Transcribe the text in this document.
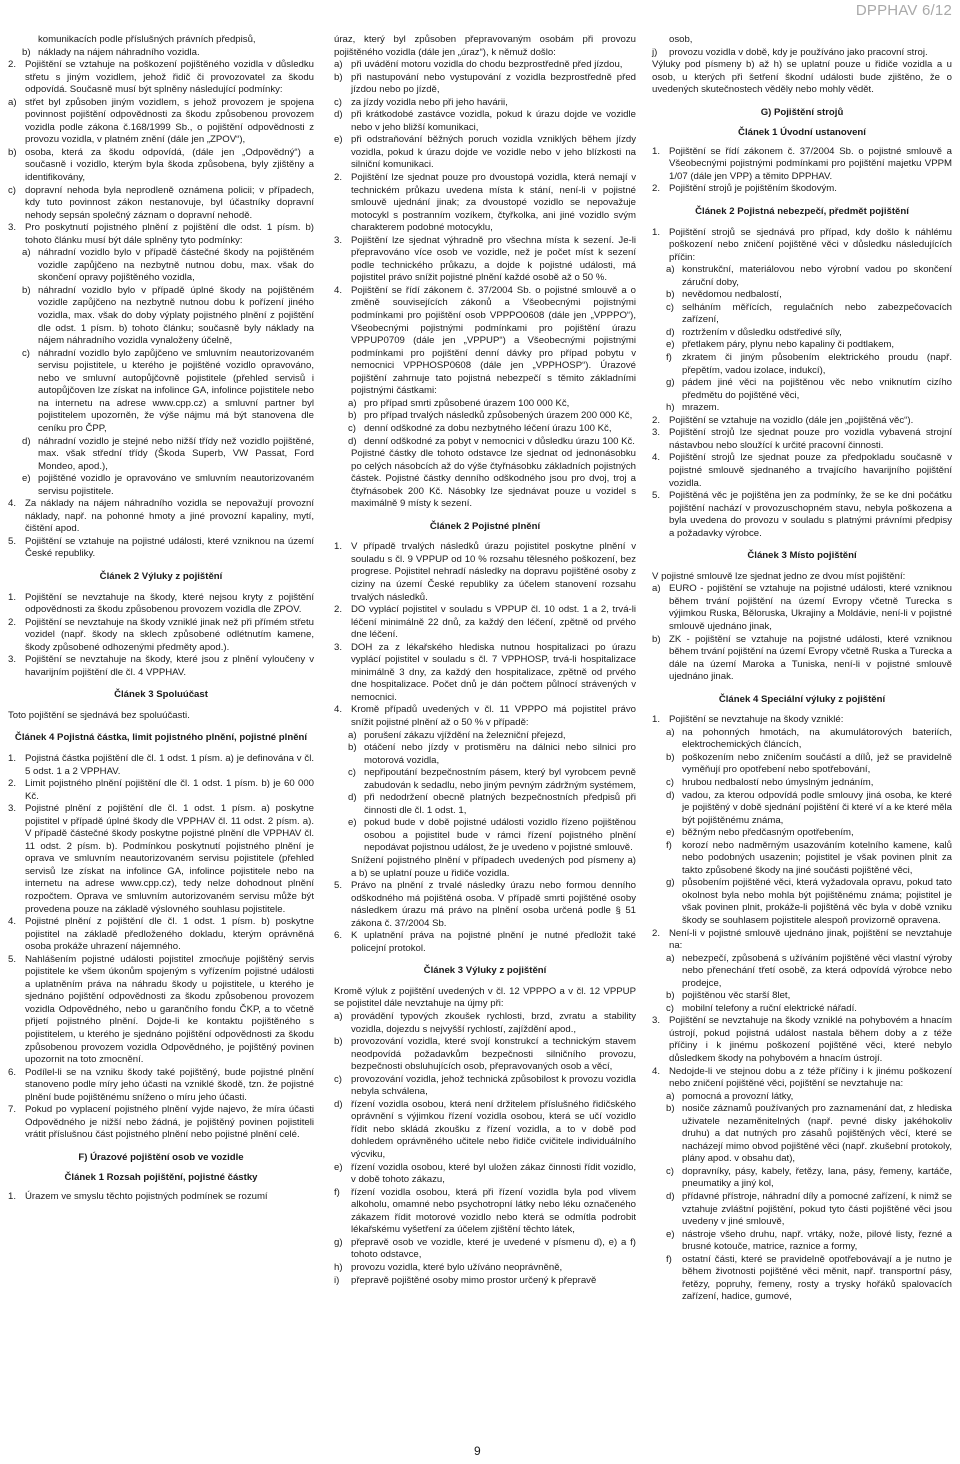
DPPHAV 6/12
komunikacích podle příslušných právních předpisů,
b) náklady na nájem náhradního vozidla.
2. Pojištění se vztahuje na poškození pojištěného vozidla v důsledku střetu s jiným vozidlem, jehož řidič či provozovatel za škodu odpovídá. Současně musí být splněny následující podmínky:
a) střet byl způsoben jiným vozidlem, s jehož provozem je spojena povinnost pojištění odpovědnosti za škodu způsobenou provozem vozidla podle zákona č.168/1999 Sb., o pojištění odpovědnosti z provozu vozidla, v platném znění (dále jen „ZPOV“),
b) osoba, která za škodu odpovídá, (dále jen „Odpovědný“) a současně i vozidlo, kterým byla škoda způsobena, byly zjištěny a identifikovány,
c) dopravní nehoda byla neprodleně oznámena policii; v případech, kdy tuto povinnost zákon nestanovuje, byl účastníky dopravní nehody sepsán společný záznam o dopravní nehodě.
3. Pro poskytnutí pojistného plnění z pojištění dle odst. 1 písm. b) tohoto článku musí být dále splněny tyto podmínky:
a) náhradní vozidlo bylo v případě částečné škody na pojištěném vozidle zapůjčeno na nezbytně nutnou dobu, max. však do skončení opravy pojištěného vozidla,
b) náhradní vozidlo bylo v případě úplné škody na pojištěném vozidle zapůjčeno na nezbytně nutnou dobu k pořízení jiného vozidla, max. však do doby výplaty pojistného plnění z pojištění dle odst. 1 písm. b) tohoto článku; současně byly náklady na nájem náhradního vozidla vynaloženy účelně,
c) náhradní vozidlo bylo zapůjčeno ve smluvním neautorizovaném servisu pojistitele, u kterého je pojištěné vozidlo opravováno, nebo ve smluvní autopůjčovně pojistitele (přehled servisů i autopůjčoven lze získat na infolince GA, infolince pojistitele nebo na internetu na adrese www.cpp.cz) a smluvní partner byl pojistitelem upozorněn, že výše nájmu má být stanovena dle ceníku pro ČPP,
d) náhradní vozidlo je stejné nebo nižší třídy než vozidlo pojištěné, max. však střední třídy (Škoda Superb, VW Passat, Ford Mondeo, apod.),
e) pojištěné vozidlo je opravováno ve smluvním neautorizovaném servisu pojistitele.
4. Za náklady na nájem náhradního vozidla se nepovažují provozní náklady, např. na pohonné hmoty a jiné provozní kapaliny, mytí, čištění apod.
5. Pojištění se vztahuje na pojistné události, které vzniknou na území České republiky.
Článek 2 Výluky z pojištění
1. Pojištění se nevztahuje na škody, které nejsou kryty z pojištění odpovědnosti za škodu způsobenou provozem vozidla dle ZPOV.
2. Pojištění se nevztahuje na škody vzniklé jinak než při přímém střetu vozidel (např. škody na sklech způsobené odlétnutím kamene, škody způsobené odhozenými předměty apod.).
3. Pojištění se nevztahuje na škody, které jsou z plnění vyloučeny v havarijním pojištění dle čl. 4 VPPHAV.
Článek 3 Spoluúčast
Toto pojištění se sjednává bez spoluúčasti.
Článek 4 Pojistná částka, limit pojistného plnění, pojistné plnění
1. Pojistná částka pojištění dle čl. 1 odst. 1 písm. a) je definována v čl. 5 odst. 1 a 2 VPPHAV.
2. Limit pojistného plnění pojištění dle čl. 1 odst. 1 písm. b) je 60 000 Kč.
3. Pojistné plnění z pojištění dle čl. 1 odst. 1 písm. a) poskytne pojistitel v případě úplné škody dle VPPHAV čl. 11 odst. 2 písm. a). V případě částečné škody poskytne pojistné plnění dle VPPHAV čl. 11 odst. 2 písm. b). Podmínkou poskytnutí pojistného plnění je oprava ve smluvním neautorizovaném servisu pojistitele (přehled servisů lze získat na infolince GA, infolince pojistitele nebo na internetu na adrese www.cpp.cz), tedy nelze dohodnout plnění rozpočtem. Oprava ve smluvním autorizovaném servisu může být provedena pouze na základě výslovného souhlasu pojistitele.
4. Pojistné plnění z pojištění dle čl. 1 odst. 1 písm. b) poskytne pojistitel na základě předloženého dokladu, kterým oprávněná osoba prokáže uhrazení nájemného.
5. Nahlášením pojistné události pojistitel zmocňuje pojištěný servis pojistitele ke všem úkonům spojeným s vyřízením pojistné události a uplatněním práva na náhradu škody u pojistitele, u kterého je sjednáno pojištění odpovědnosti za škodu způsobenou provozem vozidla Odpovědného, nebo u garančního fondu ČKP, a to včetně přijetí pojistného plnění. Dojde-li ke kontaktu pojištěného s pojistitelem, u kterého je sjednáno pojištění odpovědnosti za škodu způsobenou provozem vozidla Odpovědného, je pojištěný povinen upozornit na toto zmocnění.
6. Podílel-li se na vzniku škody také pojištěný, bude pojistné plnění stanoveno podle míry jeho účasti na vzniklé škodě, tzn. že pojistné plnění bude pojištěnému sníženo o míru jeho účasti.
7. Pokud po vyplacení pojistného plnění vyjde najevo, že míra účasti Odpovědného je nižší nebo žádná, je pojištěný povinen pojistiteli vrátit příslušnou část pojistného plnění nebo pojistné plnění celé.
F) Úrazové pojištění osob ve vozidle
Článek 1 Rozsah pojištění, pojistné částky
1. Úrazem ve smyslu těchto pojistných podmínek se rozumí
úraz, který byl způsoben přepravovaným osobám při provozu pojištěného vozidla (dále jen „úraz“), k němuž došlo:
a) při uvádění motoru vozidla do chodu bezprostředně před jízdou,
b) při nastupování nebo vystupování z vozidla bezprostředně před jízdou nebo po jízdě,
c) za jízdy vozidla nebo při jeho havárii,
d) při krátkodobé zastávce vozidla, pokud k úrazu dojde ve vozidle nebo v jeho bližší komunikaci,
e) při odstraňování běžných poruch vozidla vzniklých během jízdy vozidla, pokud k úrazu dojde ve vozidle nebo v jeho blízkosti na silniční komunikaci.
2. Pojištění lze sjednat pouze pro dvoustopá vozidla, která nemají v technickém průkazu uvedena místa k stání, není-li v pojistné smlouvě ujednání jinak; za dvoustopé vozidlo se nepovažuje motocykl s postranním vozíkem, čtyřkolka, ani jiné vozidlo svým charakterem podobné motocyklu,
3. Pojištění lze sjednat výhradně pro všechna místa k sezení. Je-li přepravováno více osob ve vozidle, než je počet míst k sezení podle technického průkazu, a dojde k pojistné události, má pojistitel právo snížit pojistné plnění každé osobě až o 50 %.
4. Pojištění se řídí zákonem č. 37/2004 Sb. o pojistné smlouvě a o změně souvisejících zákonů a Všeobecnými pojistnými podmínkami pro pojištění osob VPPPO0608 (dále jen „VPPPO“), Všeobecnými pojistnými podmínkami pro pojištění úrazu VPPUP0709 (dále jen „VPPUP“) a Všeobecnými pojistnými podmínkami pro pojištění denní dávky pro případ pobytu v nemocnici VPPHOSP0608 (dále jen „VPPHOSP“). Úrazové pojištění zahrnuje tato pojistná nebezpečí s těmito základními pojistnými částkami:
a) pro případ smrti způsobené úrazem 100 000 Kč,
b) pro případ trvalých následků způsobených úrazem 200 000 Kč,
c) denní odškodné za dobu nezbytného léčení úrazu 100 Kč,
d) denní odškodné za pobyt v nemocnici v důsledku úrazu 100 Kč.
Pojistné částky dle tohoto odstavce lze sjednat od jednonásobku po celých násobcích až do výše čtyřnásobku základních pojistných částek. Pojistné částky denního odškodného jsou pro dvoj, troj a čtyřnásobek 200 Kč. Násobky lze sjednávat pouze u vozidel s maximálně 9 místy k sezení.
Článek 2 Pojistné plnění
1. V případě trvalých následků úrazu pojistitel poskytne plnění v souladu s čl. 9 VPPUP od 10 % rozsahu tělesného poškození, bez progrese. Pojistitel nehradí následky na dopravu pojištěné osoby z ciziny na území České republiky za účelem stanovení rozsahu trvalých následků.
2. DO vyplácí pojistitel v souladu s VPPUP čl. 10 odst. 1 a 2, trvá-li léčení minimálně 22 dnů, za každý den léčení, zpětně od prvého dne léčení.
3. DOH za z lékařského hlediska nutnou hospitalizaci po úrazu vyplácí pojistitel v souladu s čl. 7 VPPHOSP, trvá-li hospitalizace minimálně 3 dny, za každý den hospitalizace, zpětně od prvého dne hospitalizace. Počet dnů je dán počtem půlnocí strávených v nemocnici.
4. Kromě případů uvedených v čl. 11 VPPPO má pojistitel právo snížit pojistné plnění až o 50 % v případě:
a) porušení zákazu vjíždění na železniční přejezd,
b) otáčení nebo jízdy v protisměru na dálnici nebo silnici pro motorová vozidla,
c) nepřipoutání bezpečnostním pásem, který byl vyrobcem pevně zabudován k sedadlu, nebo jiným pevným zádržným systémem,
d) při nedodržení obecně platných bezpečnostních předpisů při činnosti dle čl. 1 odst. 1,
e) pokud bude v době pojistné události vozidlo řízeno pojištěnou osobou a pojistitel bude v rámci řízení pojistného plnění nepodávat pojistnou událost, že je uvedeno v pojistné smlouvě.
Snížení pojistného plnění v případech uvedených pod písmeny a) a b) se uplatní pouze u řidiče vozidla.
5. Právo na plnění z trvalé následky úrazu nebo formou denního odškodného má pojištěná osoba. V případě smrti pojištěné osoby následkem úrazu má právo na plnění osoba určená podle § 51 zákona č. 37/2004 Sb.
6. K uplatnění práva na pojistné plnění je nutné předložit také policejní protokol.
Článek 3 Výluky z pojištění
Kromě výluk z pojištění uvedených v čl. 12 VPPPO a v čl. 12 VPPUP se pojistitel dále nevztahuje na újmy při:
a) provádění typových zkoušek rychlosti, brzd, zvratu a stability vozidla, dojezdu s nejvyšší rychlostí, zajíždění apod.,
b) provozování vozidla, které svojí konstrukcí a technickým stavem neodpovídá požadavkům bezpečnosti silničního provozu, bezpečnosti obsluhujících osob, přepravovaných osob a věcí,
c) provozování vozidla, jehož technická způsobilost k provozu vozidla nebyla schválena,
d) řízení vozidla osobou, která není držitelem příslušného řidičského oprávnění s výjimkou řízení vozidla osobou, která se učí vozidlo řídit nebo skládá zkoušku z řízení vozidla, a to v době pod dohledem oprávněného učitele nebo řidiče cvičitele individuálního výcviku,
e) řízení vozidla osobou, které byl uložen zákaz činnosti řídit vozidlo, v době tohoto zákazu,
f)	řízení vozidla osobou, která při řízení vozidla byla pod vlivem alkoholu, omamné nebo psychotropní látky nebo léku označeného zákazem řídit motorové vozidlo nebo která se odmítla podrobit lékařskému vyšetření za účelem zjištění těchto látek,
g) přepravě osob ve vozidle, které je uvedené v písmenu d), e) a f) tohoto odstavce,
h) provozu vozidla, které bylo užíváno neoprávněně,
i)	přepravě pojištěné osoby mimo prostor určený k přepravě
osob,
j)	provozu vozidla v době, kdy je používáno jako pracovní stroj.
Výluky pod písmeny b) až h) se uplatní pouze u řidiče vozidla a u osob, u kterých při šetření škodní události bude zjištěno, že o uvedených skutečnostech věděly nebo mohly vědět.
G) Pojištění strojů
Článek 1 Úvodní ustanovení
1. Pojištění se řídí zákonem č. 37/2004 Sb. o pojistné smlouvě a Všeobecnými pojistnými podmínkami pro pojištění majetku VPPM 1/07 (dále jen VPP) a těmito DPPHAV.
2. Pojištění strojů je pojištěním škodovým.
Článek 2 Pojistná nebezpečí, předmět pojištění
1. Pojištění strojů se sjednává pro případ, kdy došlo k náhlému poškození nebo zničení pojištěné věci v důsledku následujících příčin:
a) konstrukční, materiálovou nebo výrobní vadou po skončení záruční doby,
b) nevědomou nedbalostí,
c) selháním měřících, regulačních nebo zabezpečovacích zařízení,
d) roztržením v důsledku odstředivé síly,
e) přetlakem páry, plynu nebo kapaliny či podtlakem,
f)	zkratem či jiným působením elektrického proudu (např. přepětím, vadou izolace, indukcí),
g) pádem jiné věci na pojištěnou věc nebo vniknutím cizího předmětu do pojištěné věci,
h) mrazem.
2. Pojištění se vztahuje na vozidlo (dále jen „pojištěná věc“).
3. Pojištění strojů lze sjednat pouze pro vozidla vybavená strojní nástavbou nebo sloužící k určité pracovní činnosti.
4. Pojištění strojů lze sjednat pouze za předpokladu současně v pojistné smlouvě sjednaného a trvajícího havarijního pojištění vozidla.
5. Pojištěná věc je pojištěna jen za podmínky, že se ke dni počátku pojištění nachází v provozuschopném stavu, nebyla poškozena a byla uvedena do provozu v souladu s platnými právními předpisy a požadavky výrobce.
Článek 3 Místo pojištění
V pojistné smlouvě lze sjednat jedno ze dvou míst pojištění:
a) EURO - pojištění se vztahuje na pojistné události, které vzniknou během trvání pojištění na území Evropy včetně Turecka s výjimkou Ruska, Běloruska, Ukrajiny a Moldávie, není-li v pojistné smlouvě ujednáno jinak,
b) ZK - pojištění se vztahuje na pojistné události, které vzniknou během trvání pojištění na území Evropy včetně Ruska a Turecka a dále na území Maroka a Tuniska, není-li v pojistné smlouvě ujednáno jinak.
Článek 4 Speciální výluky z pojištění
1. Pojištění se nevztahuje na škody vzniklé:
a) na pohonných hmotách, na akumulátorových bateriích, elektrochemických článcích,
b) poškozením nebo zničením součástí a dílů, jež se pravidelně vyměňují pro opotřebení nebo spotřebování,
c) hrubou nedbalostí nebo úmyslným jednáním,
d) vadou, za kterou odpovídá podle smlouvy jiná osoba, ke které je pojištěný v době sjednání pojištění či které ví a ke které měla být pojištěnému známa,
e) běžným nebo předčasným opotřebením,
f)	korozí nebo nadměrným usazováním kotelního kamene, kalů nebo podobných usazenin; pojistitel je však povinen plnit za takto způsobené škody na jiné součásti pojištěné věci,
g) působením pojištěné věci, která vyžadovala opravu, pokud tato okolnost byla nebo mohla být pojištěnému známa; pojistitel je však povinen plnit, prokáže-li pojištěná věc byla v době vzniku škody se souhlasem pojistitele alespoň provizorně opravena.
2. Není-li v pojistné smlouvě ujednáno jinak, pojištění se nevztahuje na:
a) nebezpečí, způsobená s užíváním pojištěné věci vlastní výroby nebo přenechání třetí osobě, za která odpovídá výrobce nebo prodejce,
b) pojištěnou věc starší 8let,
c) mobilní telefony a ruční elektrické nářadí.
3. Pojištění se nevztahuje na škody vzniklé na pohybovém a hnacím ústrojí, pokud pojistná událost nastala během doby a z téže příčiny i k jinému poškození pojištěné věci, které nebylo důsledkem škody na pohybovém a hnacím ústrojí.
4. Nedojde-li ve stejnou dobu a z téže příčiny i k jinému poškození nebo zničení pojištěné věci, pojištění se nevztahuje na:
a) pomocná a provozní látky,
b) nosiče záznamů používaných pro zaznamenání dat, z hlediska uživatele nezaměnitelných (např. pevné disky jakéhokoliv druhu) a dat nutných pro zásahů pojištěných věcí, které se nacházejí mimo obvod pojištěné věci (např. zkušební protokoly, plány apod. v obsahu dat),
c) dopravníky, pásy, kabely, řetězy, lana, pásy, řemeny, kartáče, pneumatiky a jiný kol,
d) přídavné přístroje, náhradní díly a pomocné zařízení, k nimž se vztahuje zvláštní pojištění, pokud tyto části pojištěné věci jsou uvedeny v jiné smlouvě,
e) nástroje všeho druhu, např. vrtáky, nože, pilové listy, řezné a brusné kotouče, matrice, raznice a formy,
f)	ostatní části, které se pravidelně opotřebovávají a je nutno je během životnosti pojištěné věci měnit, např. transportní pásy, řetězy, popruhy, řemeny, rosty a trysky hořáků spalovacích zařízení, hadice, gumové,
9
